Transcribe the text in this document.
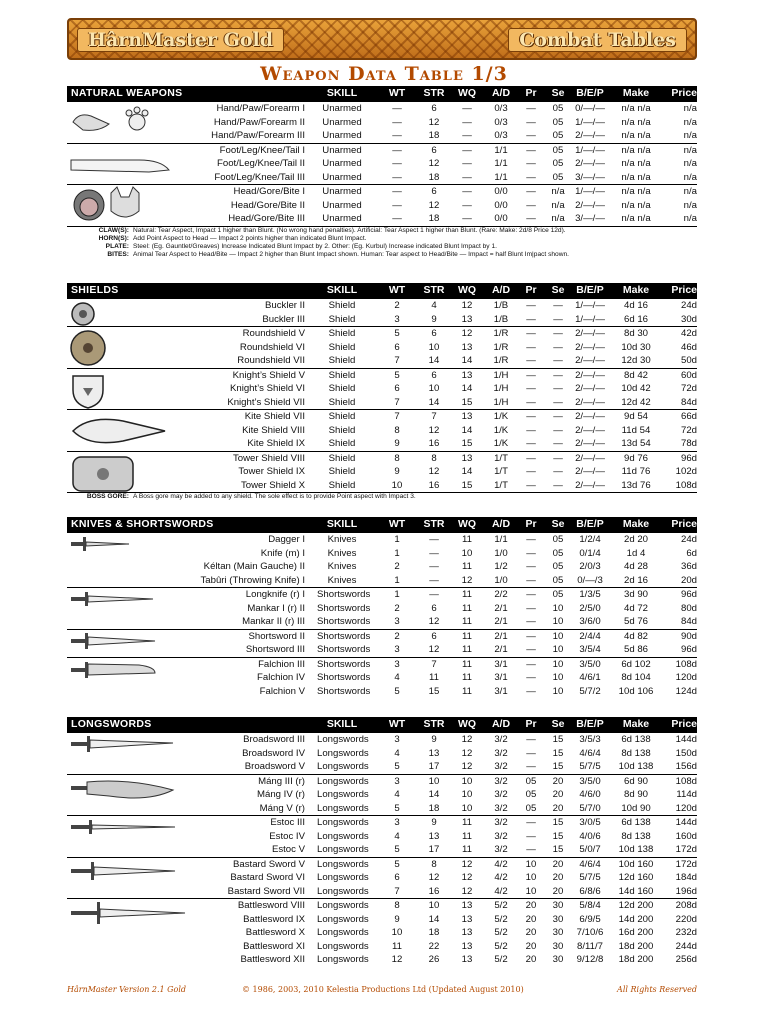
HârnMaster Gold	Combat Tables
Weapon Data Table 1/3
NATURAL WEAPONS	SKILL	WT	STR	WQ	A/D	Pr	Se	B/E/P	Make	Price
Hand/Paw/Forearm I	Unarmed	—	6	—	0/3	—	05	0/—/—	n/a n/a	n/a
Hand/Paw/Forearm II	Unarmed	—	12	—	0/3	—	05	1/—/—	n/a n/a	n/a
Hand/Paw/Forearm III	Unarmed	—	18	—	0/3	—	05	2/—/—	n/a n/a	n/a
Foot/Leg/Knee/Tail I	Unarmed	—	6	—	1/1	—	05	1/—/—	n/a n/a	n/a
Foot/Leg/Knee/Tail II	Unarmed	—	12	—	1/1	—	05	2/—/—	n/a n/a	n/a
Foot/Leg/Knee/Tail III	Unarmed	—	18	—	1/1	—	05	3/—/—	n/a n/a	n/a
Head/Gore/Bite I	Unarmed	—	6	—	0/0	—	n/a	1/—/—	n/a n/a	n/a
Head/Gore/Bite II	Unarmed	—	12	—	0/0	—	n/a	2/—/—	n/a n/a	n/a
Head/Gore/Bite III	Unarmed	—	18	—	0/0	—	n/a	3/—/—	n/a n/a	n/a
CLAW(S): Natural: Tear Aspect, Impact 1 higher than Blunt. (No wrong hand penalties). Artificial: Tear Aspect 1 higher than Blunt. (Rare: Make: 2d/8 Price 12d).
HORN(S): Add Point Aspect to Head — Impact 2 points higher than indicated Blunt Impact.
PLATE: Steel: (Eg. Gauntlet/Greaves) Increase Indicated Blunt Impact by 2. Other: (Eg. Kurbul) Increase indicated Blunt Impact by 1.
BITES: Animal Tear Aspect to Head/Bite — Impact 2 higher than Blunt Impact shown. Human: Tear aspect to Head/Bite — Impact = half Blunt Im|pact shown.
SHIELDS	SKILL	WT	STR	WQ	A/D	Pr	Se	B/E/P	Make	Price
Buckler II	Shield	2	4	12	1/B	—	—	1/—/—	4d 16	24d
Buckler III	Shield	3	9	13	1/B	—	—	1/—/—	6d 16	30d
Roundshield V	Shield	5	6	12	1/R	—	—	2/—/—	8d 30	42d
Roundshield VI	Shield	6	10	13	1/R	—	—	2/—/—	10d 30	46d
Roundshield VII	Shield	7	14	14	1/R	—	—	2/—/—	12d 30	50d
Knight’s Shield V	Shield	5	6	13	1/H	—	—	2/—/—	8d 42	60d
Knight’s Shield VI	Shield	6	10	14	1/H	—	—	2/—/—	10d 42	72d
Knight’s Shield VII	Shield	7	14	15	1/H	—	—	2/—/—	12d 42	84d
Kite Shield VII	Shield	7	7	13	1/K	—	—	2/—/—	9d 54	66d
Kite Shield VIII	Shield	8	12	14	1/K	—	—	2/—/—	11d 54	72d
Kite Shield IX	Shield	9	16	15	1/K	—	—	2/—/—	13d 54	78d
Tower Shield VIII	Shield	8	8	13	1/T	—	—	2/—/—	9d 76	96d
Tower Shield IX	Shield	9	12	14	1/T	—	—	2/—/—	11d 76	102d
Tower Shield X	Shield	10	16	15	1/T	—	—	2/—/—	13d 76	108d
BOSS GORE: A Boss gore may be added to any shield. The sole effect is to provide Point aspect with Impact 3.
KNIVES & SHORTSWORDS	SKILL	WT	STR	WQ	A/D	Pr	Se	B/E/P	Make	Price
Dagger I	Knives	1	—	11	1/1	—	05	1/2/4	2d 20	24d
Knife (m) I	Knives	1	—	10	1/0	—	05	0/1/4	1d 4	6d
Kéltan (Main Gauche) II	Knives	2	—	11	1/2	—	05	2/0/3	4d 28	36d
Tabûri (Throwing Knife) I	Knives	1	—	12	1/0	—	05	0/—/3	2d 16	20d
Longknife (r) I Shortswords	1	—	11	2/2	—	05	1/3/5	3d 90	96d
Mankar I (r) II Shortswords	2	6	11	2/1	—	10	2/5/0	4d 72	80d
Mankar II (r) III Shortswords	3	12	11	2/1	—	10	3/6/0	5d 76	84d
Shortsword II Shortswords	2	6	11	2/1	—	10	2/4/4	4d 82	90d
Shortsword III Shortswords	3	12	11	2/1	—	10	3/5/4	5d 86	96d
Falchion III Shortswords	3	7	11	3/1	—	10	3/5/0	6d 102	108d
Falchion IV Shortswords	4	11	11	3/1	—	10	4/6/1	8d 104	120d
Falchion V Shortswords	5	15	11	3/1	—	10	5/7/2	10d 106	124d
LONGSWORDS	SKILL	WT	STR	WQ	A/D	Pr	Se	B/E/P	Make	Price
Broadsword III Longswords	3	9	12	3/2	—	15	3/5/3	6d 138	144d
Broadsword IV Longswords	4	13	12	3/2	—	15	4/6/4	8d 138	150d
Broadsword V Longswords	5	17	12	3/2	—	15	5/7/5	10d 138	156d
Máng III (r) Longswords	3	10	10	3/2	05	20	3/5/0	6d 90	108d
Máng IV (r) Longswords	4	14	10	3/2	05	20	4/6/0	8d 90	114d
Máng V (r) Longswords	5	18	10	3/2	05	20	5/7/0	10d 90	120d
Estoc III Longswords	3	9	11	3/2	—	15	3/0/5	6d 138	144d
Estoc IV Longswords	4	13	11	3/2	—	15	4/0/6	8d 138	160d
Estoc V Longswords	5	17	11	3/2	—	15	5/0/7	10d 138	172d
Bastard Sword V Longswords	5	8	12	4/2	10	20	4/6/4	10d 160	172d
Bastard Sword VI Longswords	6	12	12	4/2	10	20	5/7/5	12d 160	184d
Bastard Sword VII Longswords	7	16	12	4/2	10	20	6/8/6	14d 160	196d
Battlesword VIII Longswords	8	10	13	5/2	20	30	5/8/4	12d 200	208d
Battlesword IX Longswords	9	14	13	5/2	20	30	6/9/5	14d 200	220d
Battlesword X Longswords	10	18	13	5/2	20	30	7/10/6	16d 200	232d
Battlesword XI Longswords	11	22	13	5/2	20	30	8/11/7	18d 200	244d
Battlesword XII Longswords	12	26	13	5/2	20	30	9/12/8	18d 200	256d
HârnMaster Version 2.1 Gold	© 1986, 2003, 2010 Kelestia Productions Ltd (Updated August 2010)	All Rights Reserved
